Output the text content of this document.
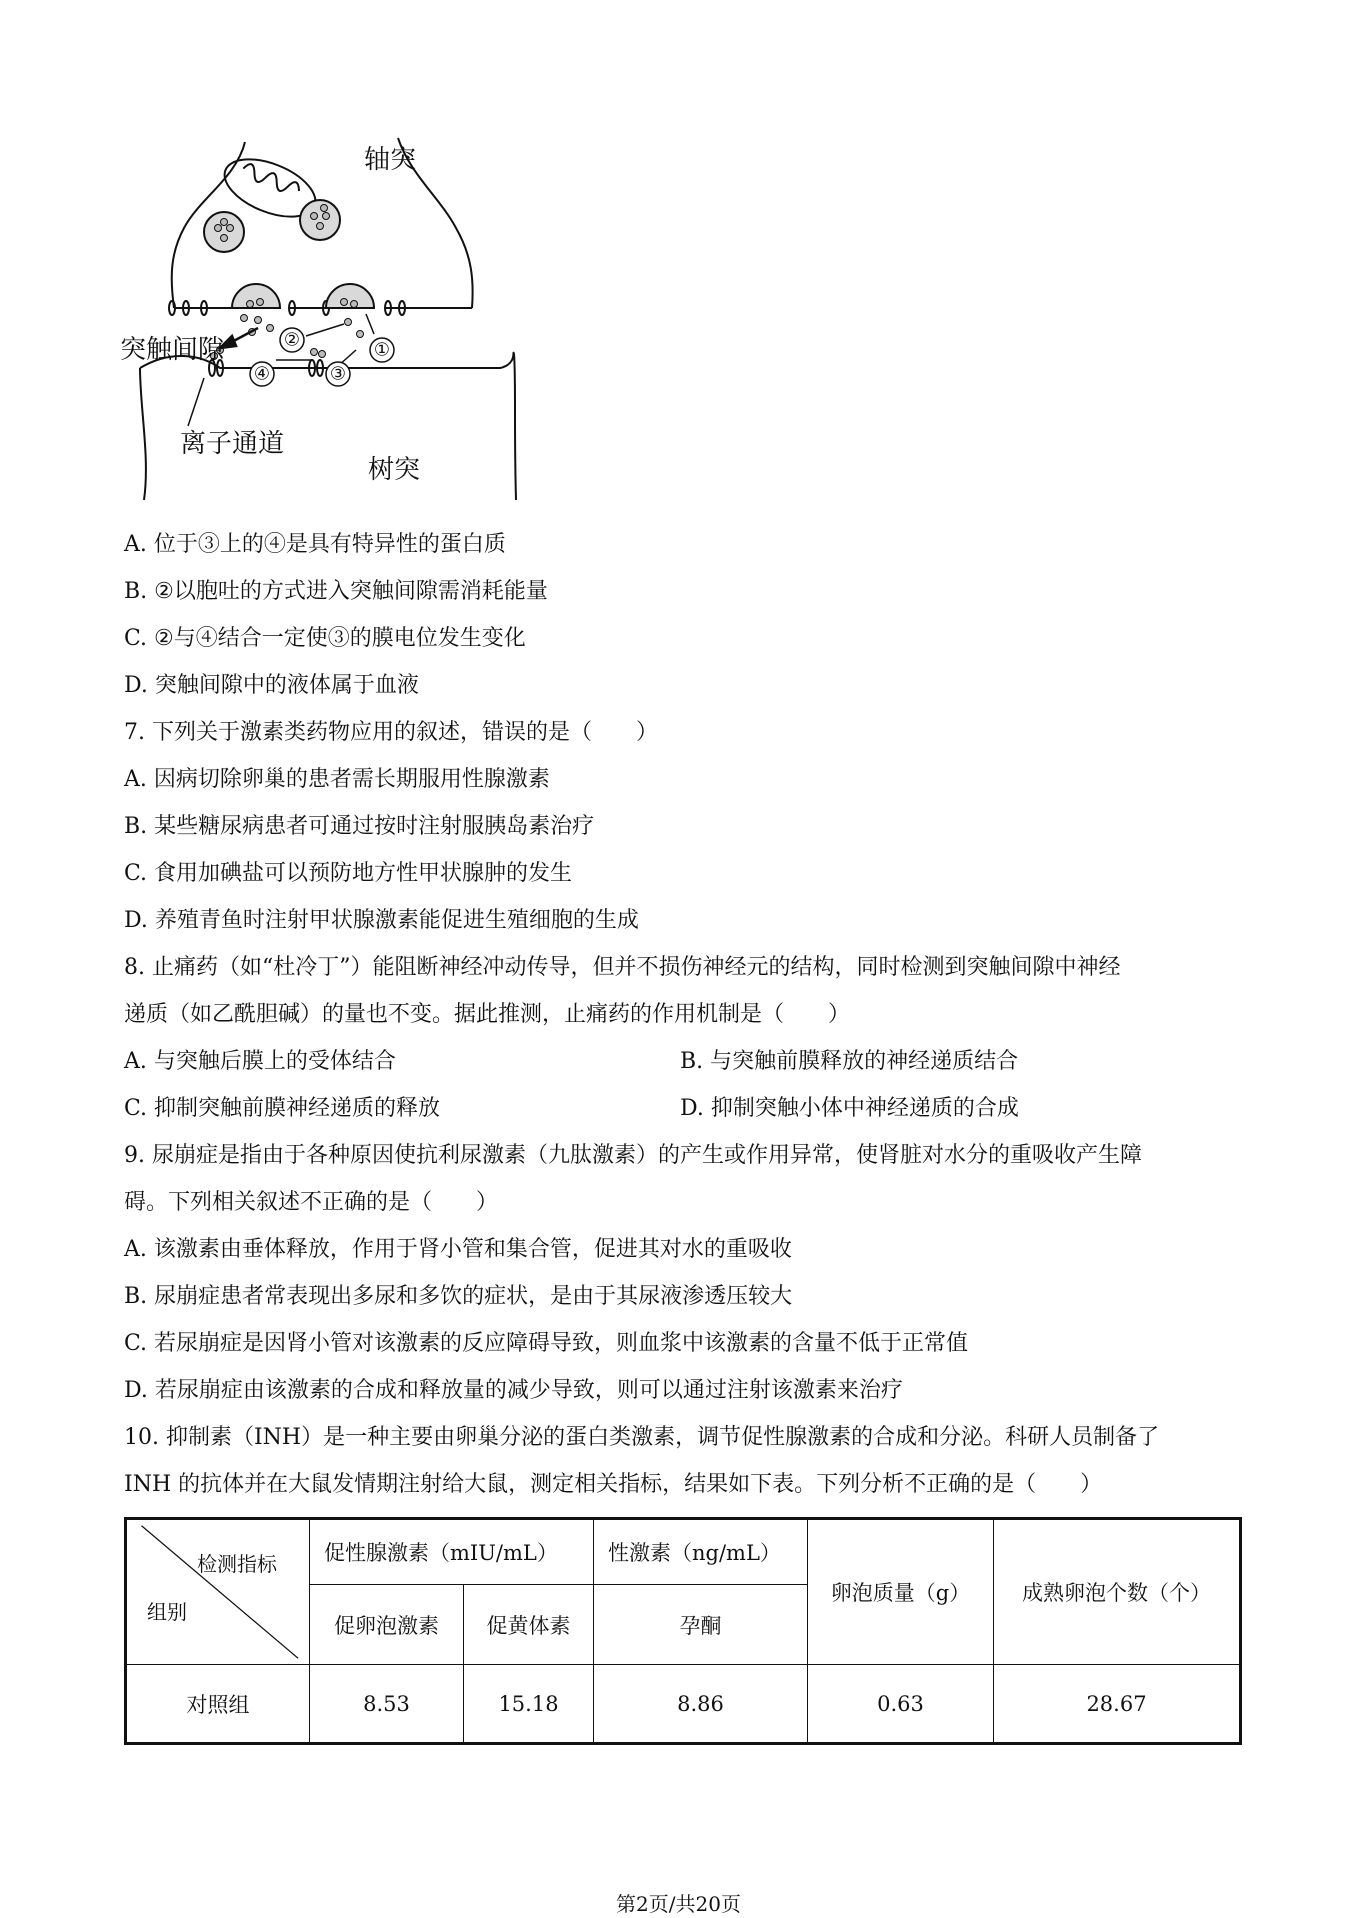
①
②
③
④
轴突
突触间隙
离子通道
树突
A. 位于③上的④是具有特异性的蛋白质
B. ②以胞吐的方式进入突触间隙需消耗能量
C. ②与④结合一定使③的膜电位发生变化
D. 突触间隙中的液体属于血液
7. 下列关于激素类药物应用的叙述，错误的是（　　）
A. 因病切除卵巢的患者需长期服用性腺激素
B. 某些糖尿病患者可通过按时注射服胰岛素治疗
C. 食用加碘盐可以预防地方性甲状腺肿的发生
D. 养殖青鱼时注射甲状腺激素能促进生殖细胞的生成
8. 止痛药（如“杜冷丁”）能阻断神经冲动传导，但并不损伤神经元的结构，同时检测到突触间隙中神经
递质（如乙酰胆碱）的量也不变。据此推测，止痛药的作用机制是（　　）
A. 与突触后膜上的受体结合	B. 与突触前膜释放的神经递质结合
C. 抑制突触前膜神经递质的释放	D. 抑制突触小体中神经递质的合成
9. 尿崩症是指由于各种原因使抗利尿激素（九肽激素）的产生或作用异常，使肾脏对水分的重吸收产生障
碍。下列相关叙述不正确的是（　　）
A. 该激素由垂体释放，作用于肾小管和集合管，促进其对水的重吸收
B. 尿崩症患者常表现出多尿和多饮的症状，是由于其尿液渗透压较大
C. 若尿崩症是因肾小管对该激素的反应障碍导致，则血浆中该激素的含量不低于正常值
D. 若尿崩症由该激素的合成和释放量的减少导致，则可以通过注射该激素来治疗
10. 抑制素（INH）是一种主要由卵巢分泌的蛋白类激素，调节促性腺激素的合成和分泌。科研人员制备了
INH 的抗体并在大鼠发情期注射给大鼠，测定相关指标，结果如下表。下列分析不正确的是（　　）
检测指标
组别	促性腺激素（mIU/mL）		性激素（ng/mL）	卵泡质量（g）	成熟卵泡个数（个）
	促卵泡激素	促黄体素	孕酮		
对照组	8.53	15.18	8.86	0.63	28.67
第2页/共20页
